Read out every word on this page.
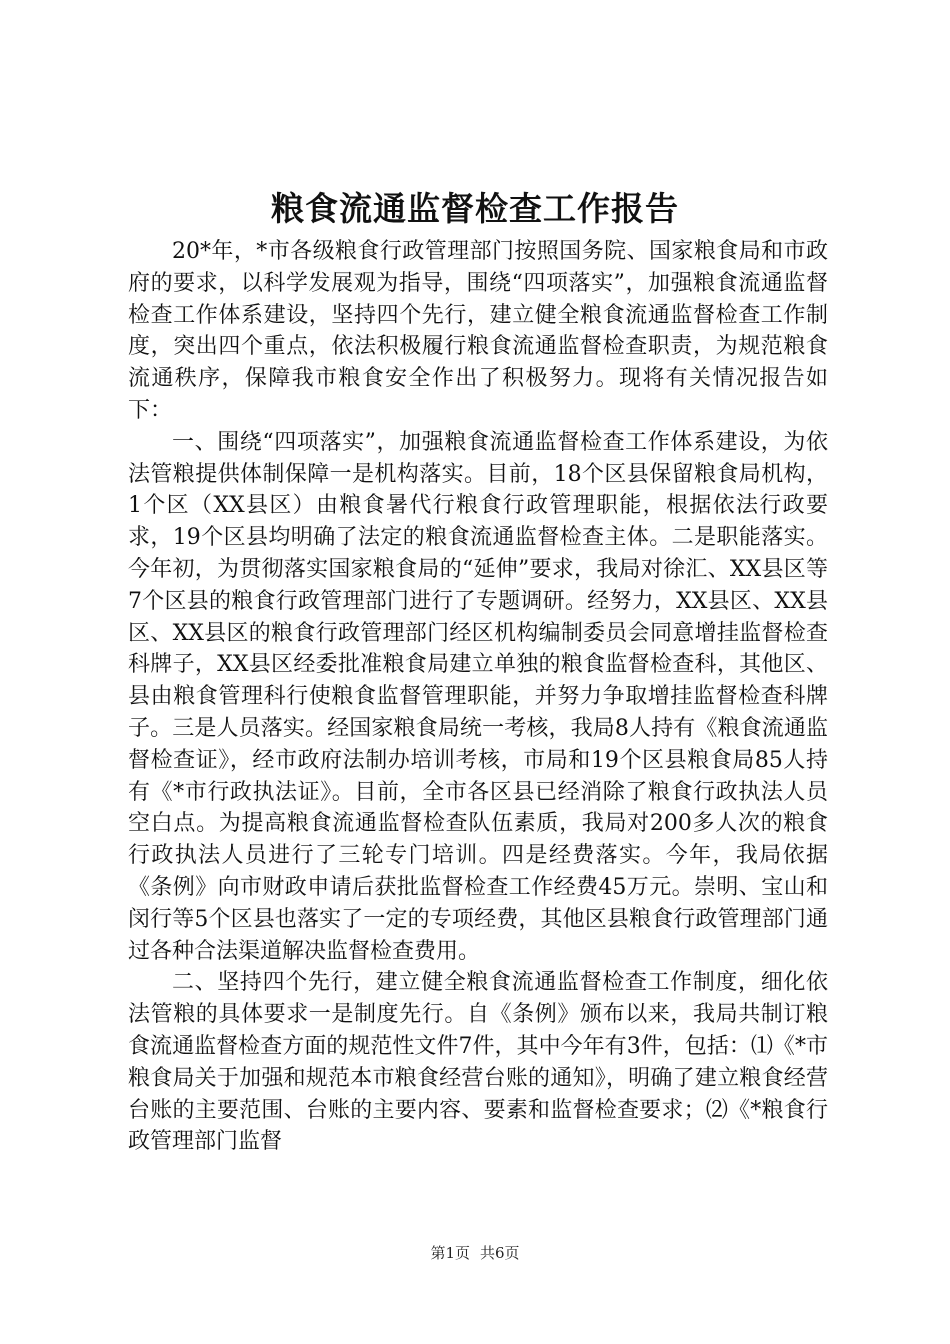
粮食流通监督检查工作报告

20*年，*市各级粮食行政管理部门按照国务院、国家粮食局和市政府的要求，以科学发展观为指导，围绕“四项落实”，加强粮食流通监督检查工作体系建设，坚持四个先行，建立健全粮食流通监督检查工作制度，突出四个重点，依法积极履行粮食流通监督检查职责，为规范粮食流通秩序，保障我市粮食安全作出了积极努力。现将有关情况报告如下：

一、围绕“四项落实”，加强粮食流通监督检查工作体系建设，为依法管粮提供体制保障一是机构落实。目前，18个区县保留粮食局机构，1个区（XX县区）由粮食暑代行粮食行政管理职能，根据依法行政要求，19个区县均明确了法定的粮食流通监督检查主体。二是职能落实。今年初，为贯彻落实国家粮食局的“延伸”要求，我局对徐汇、XX县区等7个区县的粮食行政管理部门进行了专题调研。经努力，XX县区、XX县区、XX县区的粮食行政管理部门经区机构编制委员会同意增挂监督检查科牌子，XX县区经委批准粮食局建立单独的粮食监督检查科，其他区、县由粮食管理科行使粮食监督管理职能，并努力争取增挂监督检查科牌子。三是人员落实。经国家粮食局统一考核，我局8人持有《粮食流通监督检查证》，经市政府法制办培训考核，市局和19个区县粮食局85人持有《*市行政执法证》。目前，全市各区县已经消除了粮食行政执法人员空白点。为提高粮食流通监督检查队伍素质，我局对200多人次的粮食行政执法人员进行了三轮专门培训。四是经费落实。今年，我局依据《条例》向市财政申请后获批监督检查工作经费45万元。崇明、宝山和闵行等5个区县也落实了一定的专项经费，其他区县粮食行政管理部门通过各种合法渠道解决监督检查费用。

二、坚持四个先行，建立健全粮食流通监督检查工作制度，细化依法管粮的具体要求一是制度先行。自《条例》颁布以来，我局共制订粮食流通监督检查方面的规范性文件7件，其中今年有3件，包括：⑴《*市粮食局关于加强和规范本市粮食经营台账的通知》，明确了建立粮食经营台账的主要范围、台账的主要内容、要素和监督检查要求；⑵《*粮食行政管理部门监督

第1页 共6页
